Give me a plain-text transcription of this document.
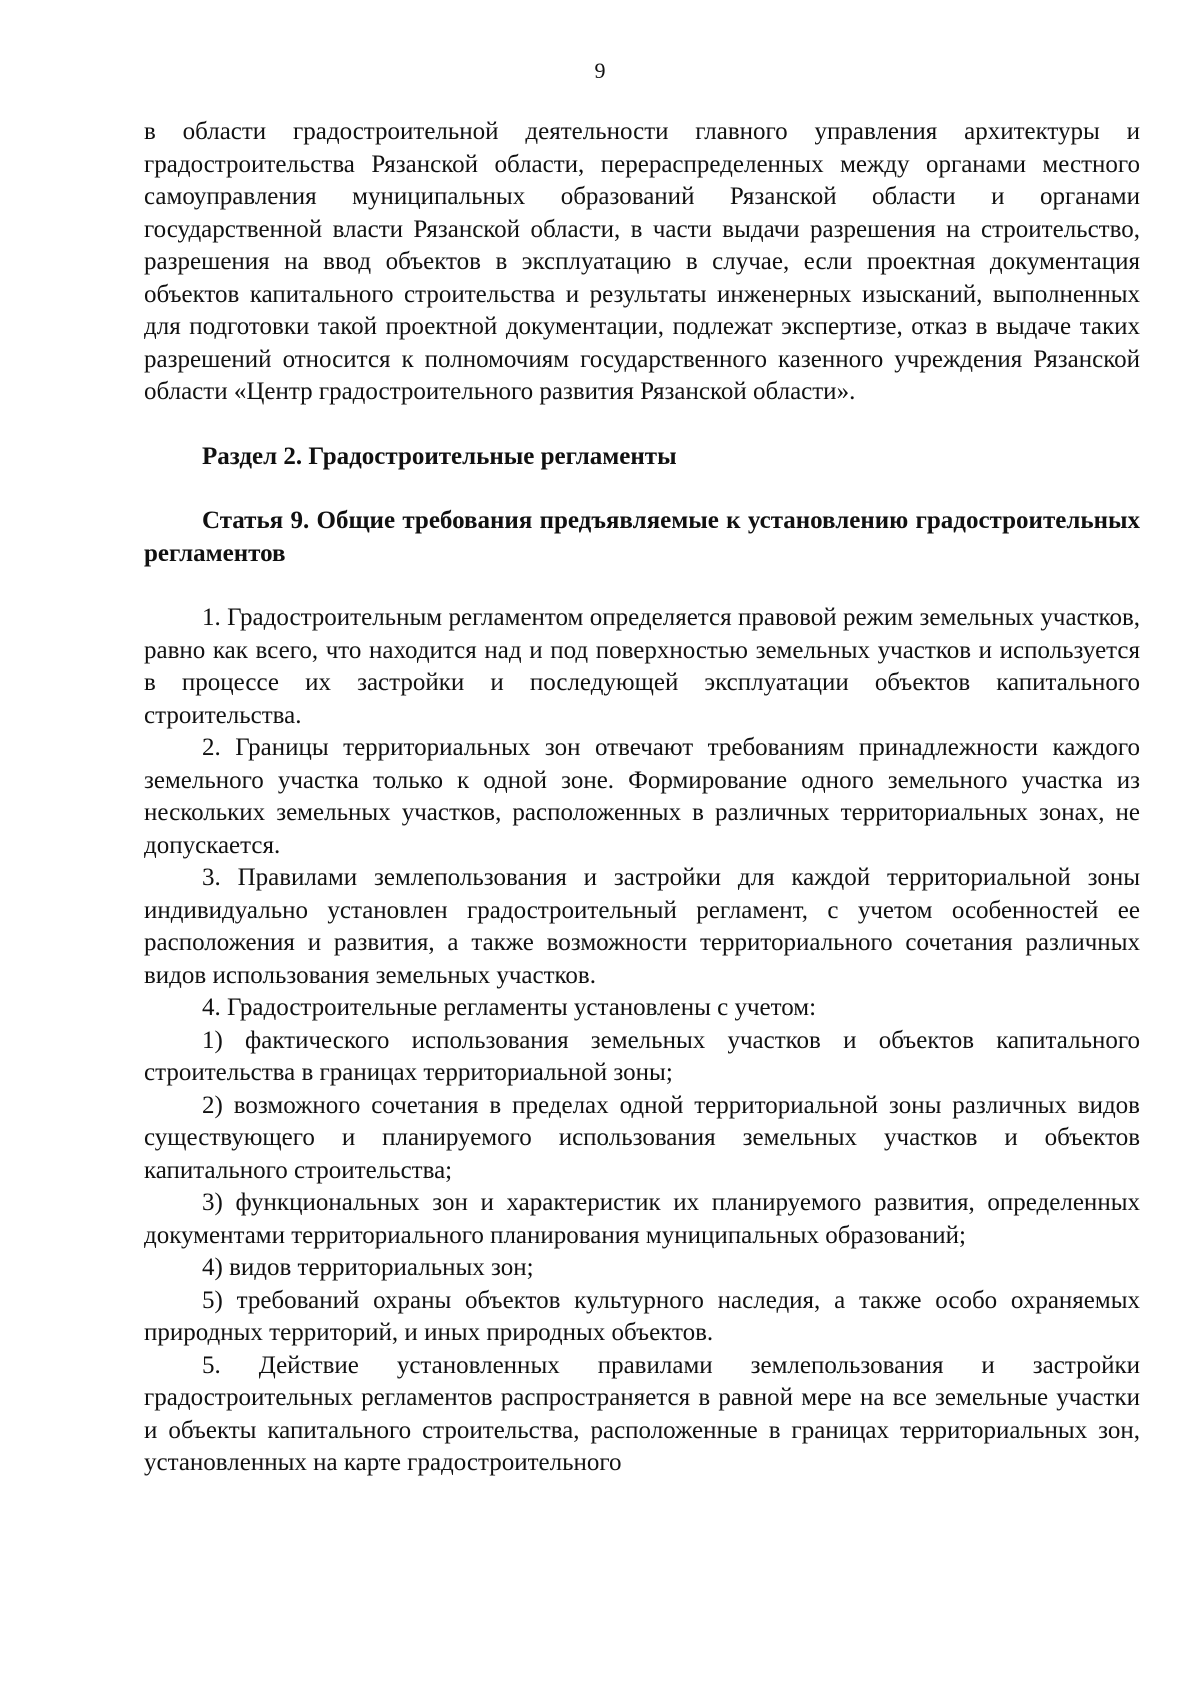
9

в области градостроительной деятельности главного управления архитектуры и градостроительства Рязанской области, перераспределенных между органами местного самоуправления муниципальных образований Рязанской области и органами государственной власти Рязанской области, в части выдачи разрешения на строительство, разрешения на ввод объектов в эксплуатацию в случае, если проектная документация объектов капитального строительства и результаты инженерных изысканий, выполненных для подготовки такой проектной документации, подлежат экспертизе, отказ в выдаче таких разрешений относится к полномочиям государственного казенного учреждения Рязанской области «Центр градостроительного развития Рязанской области».

Раздел 2. Градостроительные регламенты

Статья 9. Общие требования предъявляемые к установлению градостроительных регламентов

1. Градостроительным регламентом определяется правовой режим земельных участков, равно как всего, что находится над и под поверхностью земельных участков и используется в процессе их застройки и последующей эксплуатации объектов капитального строительства.

2. Границы территориальных зон отвечают требованиям принадлежности каждого земельного участка только к одной зоне. Формирование одного земельного участка из нескольких земельных участков, расположенных в различных территориальных зонах, не допускается.

3. Правилами землепользования и застройки для каждой территориальной зоны индивидуально установлен градостроительный регламент, с учетом особенностей ее расположения и развития, а также возможности территориального сочетания различных видов использования земельных участков.

4. Градостроительные регламенты установлены с учетом:

1) фактического использования земельных участков и объектов капитального строительства в границах территориальной зоны;

2) возможного сочетания в пределах одной территориальной зоны различных видов существующего и планируемого использования земельных участков и объектов капитального строительства;

3) функциональных зон и характеристик их планируемого развития, определенных документами территориального планирования муниципальных образований;

4) видов территориальных зон;

5) требований охраны объектов культурного наследия, а также особо охраняемых природных территорий, и иных природных объектов.

5. Действие установленных правилами землепользования и застройки градостроительных регламентов распространяется в равной мере на все земельные участки и объекты капитального строительства, расположенные в границах территориальных зон, установленных на карте градостроительного
